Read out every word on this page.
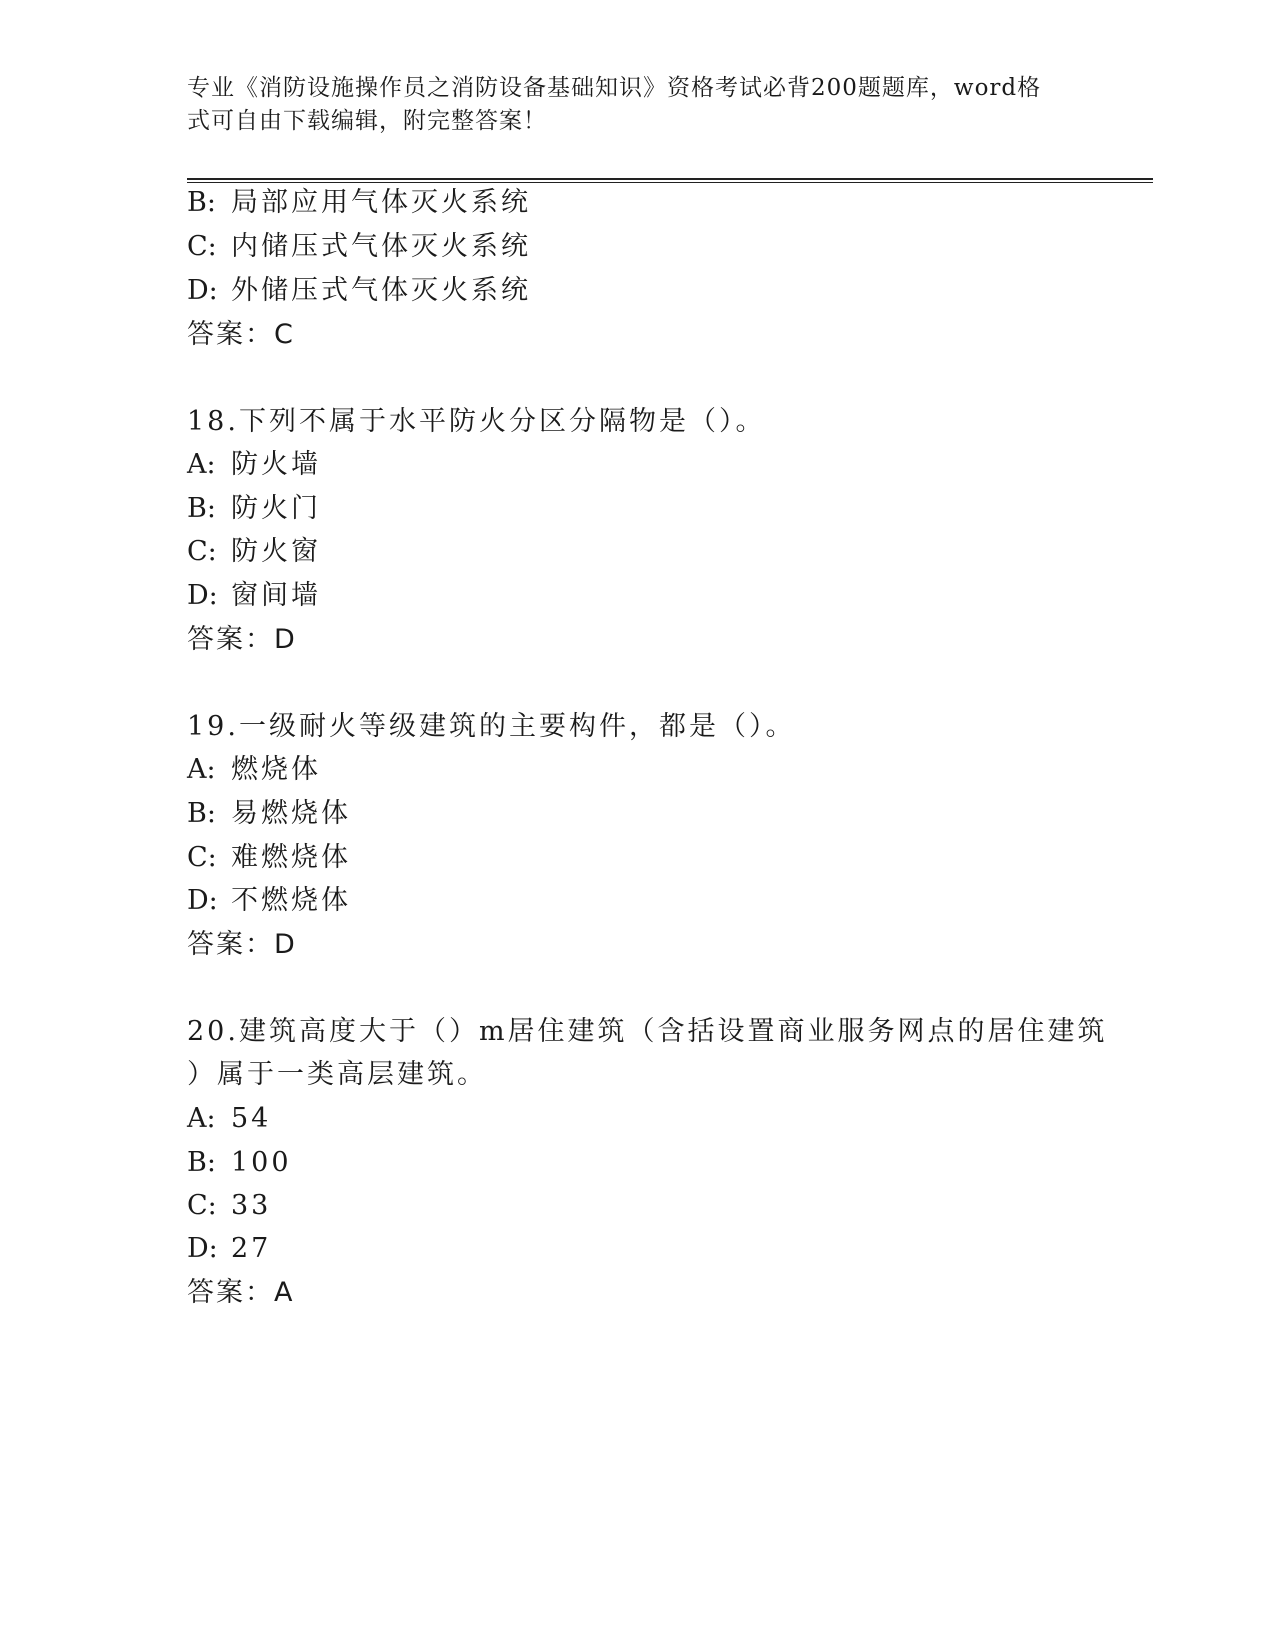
专业《消防设施操作员之消防设备基础知识》资格考试必背200题题库，word格
式可自由下载编辑，附完整答案！
B: 局部应用气体灭火系统
C: 内储压式气体灭火系统
D: 外储压式气体灭火系统
答案：C
18.下列不属于水平防火分区分隔物是（）。
A: 防火墙
B: 防火门
C: 防火窗
D: 窗间墙
答案：D
19.一级耐火等级建筑的主要构件，都是（）。
A: 燃烧体
B: 易燃烧体
C: 难燃烧体
D: 不燃烧体
答案：D
20.建筑高度大于（）m居住建筑（含括设置商业服务网点的居住建筑
）属于一类高层建筑。
A: 54
B: 100
C: 33
D: 27
答案：A
